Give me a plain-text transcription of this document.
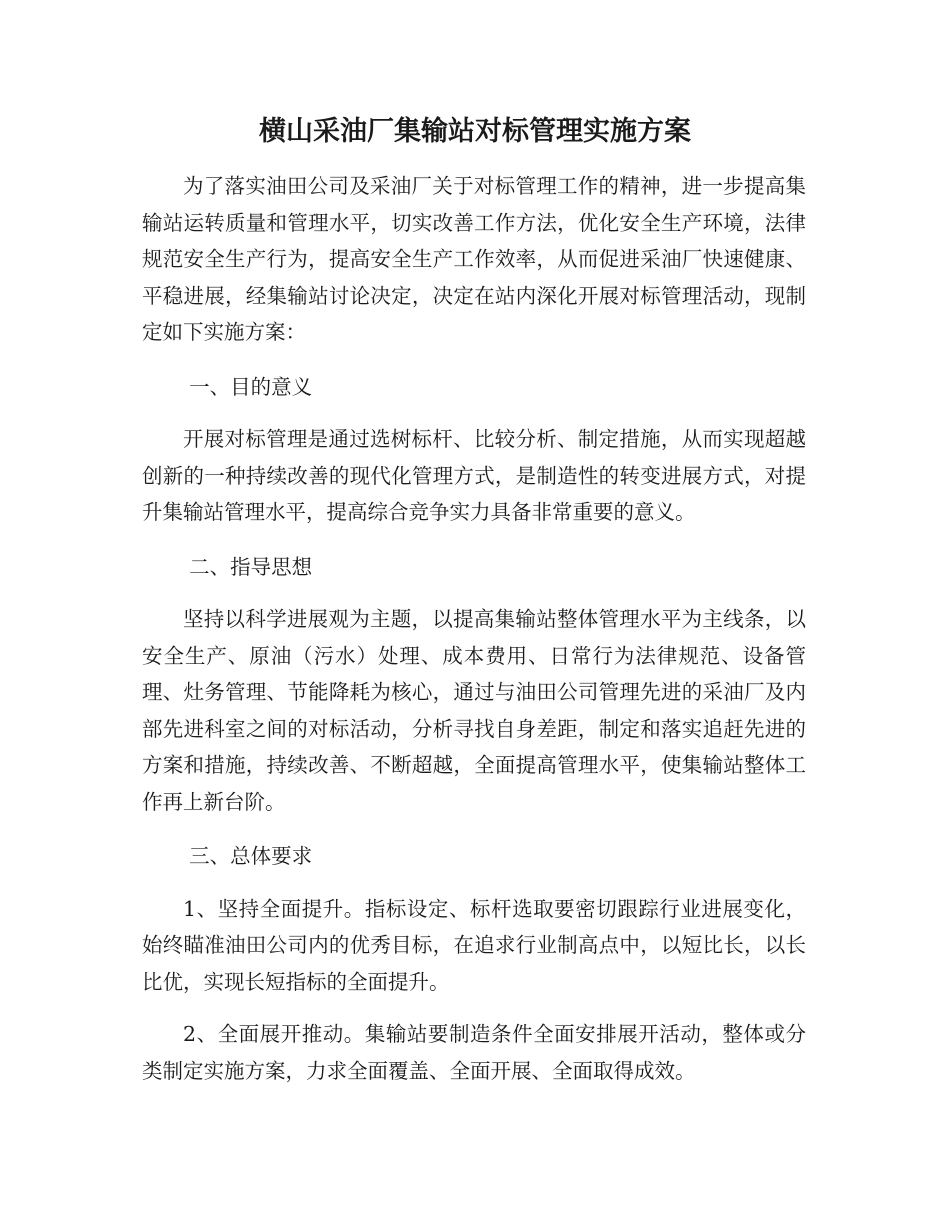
横山采油厂集输站对标管理实施方案

为了落实油田公司及采油厂关于对标管理工作的精神，进一步提高集输站运转质量和管理水平，切实改善工作方法，优化安全生产环境，法律规范安全生产行为，提高安全生产工作效率，从而促进采油厂快速健康、平稳进展，经集输站讨论决定，决定在站内深化开展对标管理活动，现制定如下实施方案：

一、目的意义

开展对标管理是通过选树标杆、比较分析、制定措施，从而实现超越创新的一种持续改善的现代化管理方式，是制造性的转变进展方式，对提升集输站管理水平，提高综合竞争实力具备非常重要的意义。

二、指导思想

坚持以科学进展观为主题，以提高集输站整体管理水平为主线条，以安全生产、原油（污水）处理、成本费用、日常行为法律规范、设备管理、灶务管理、节能降耗为核心，通过与油田公司管理先进的采油厂及内部先进科室之间的对标活动，分析寻找自身差距，制定和落实追赶先进的方案和措施，持续改善、不断超越，全面提高管理水平，使集输站整体工作再上新台阶。

三、总体要求

1、坚持全面提升。指标设定、标杆选取要密切跟踪行业进展变化，始终瞄准油田公司内的优秀目标，在追求行业制高点中，以短比长，以长比优，实现长短指标的全面提升。

2、全面展开推动。集输站要制造条件全面安排展开活动，整体或分类制定实施方案，力求全面覆盖、全面开展、全面取得成效。
